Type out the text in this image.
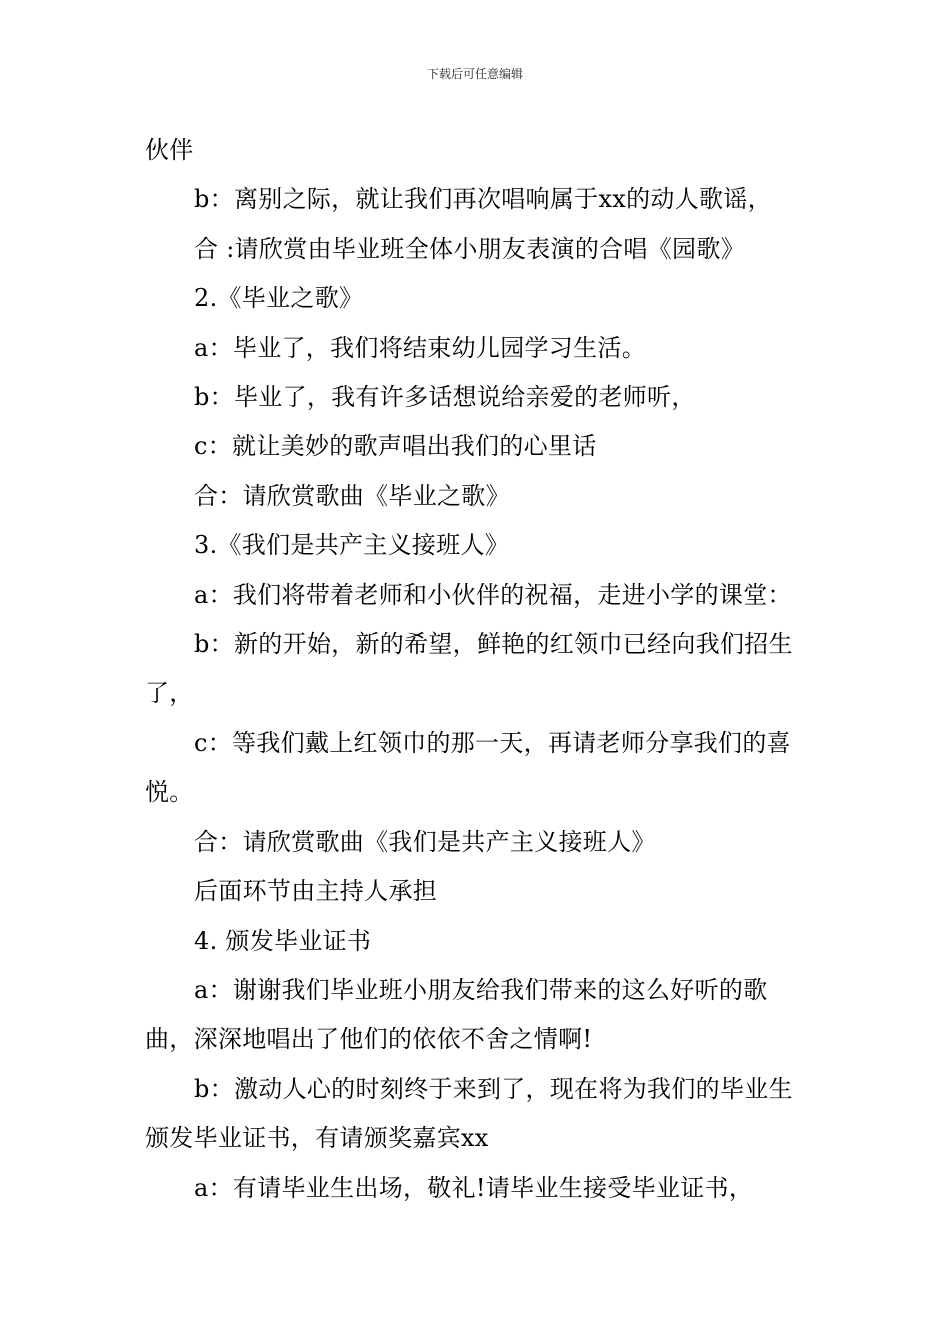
下载后可任意编辑

伙伴

b：离别之际，就让我们再次唱响属于xx的动人歌谣，

合 :请欣赏由毕业班全体小朋友表演的合唱《园歌》

2.《毕业之歌》

a：毕业了，我们将结束幼儿园学习生活。

b：毕业了，我有许多话想说给亲爱的老师听，

c：就让美妙的歌声唱出我们的心里话

合：请欣赏歌曲《毕业之歌》

3.《我们是共产主义接班人》

a：我们将带着老师和小伙伴的祝福，走进小学的课堂：

b：新的开始，新的希望，鲜艳的红领巾已经向我们招生了，

c：等我们戴上红领巾的那一天，再请老师分享我们的喜悦。

合：请欣赏歌曲《我们是共产主义接班人》

后面环节由主持人承担

4. 颁发毕业证书

a：谢谢我们毕业班小朋友给我们带来的这么好听的歌曲，深深地唱出了他们的依依不舍之情啊!

b：激动人心的时刻终于来到了，现在将为我们的毕业生颁发毕业证书，有请颁奖嘉宾xx

a：有请毕业生出场，敬礼!请毕业生接受毕业证书，
